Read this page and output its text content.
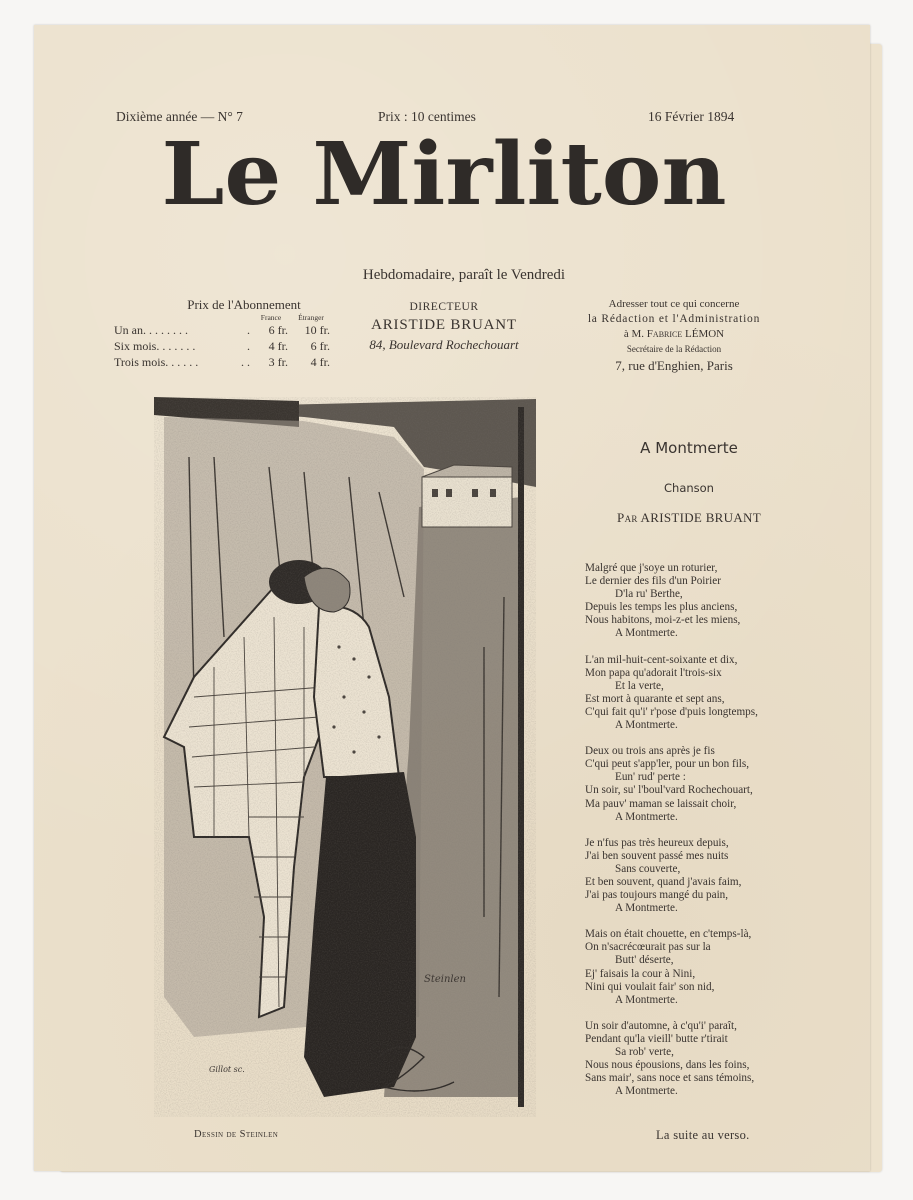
Dixième année — N° 7	Prix : 10 centimes	16 Février 1894
Le Mirliton
Hebdomadaire, paraît le Vendredi
Prix de l'Abonnement
		France	Étranger
Un an. . . . . . . .	.	6 fr.	10 fr.
Six mois. . . . . . .	.	4 fr.	6 fr.
Trois mois. . . . . .	. .	3 fr.	4 fr.
DIRECTEUR
ARISTIDE BRUANT
84, Boulevard Rochechouart
Adresser tout ce qui concerne
la Rédaction et l'Administration
à M. Fabrice LÉMON
Secrétaire de la Rédaction
7, rue d'Enghien, Paris
A Montmerte
Chanson
Par ARISTIDE BRUANT
Malgré que j'soye un roturier,
Le dernier des fils d'un Poirier
D'la ru' Berthe,
Depuis les temps les plus anciens,
Nous habitons, moi-z-et les miens,
A Montmerte.
L'an mil-huit-cent-soixante et dix,
Mon papa qu'adorait l'trois-six
Et la verte,
Est mort à quarante et sept ans,
C'qui fait qu'i' r'pose d'puis longtemps,
A Montmerte.
Deux ou trois ans après je fis
C'qui peut s'app'ler, pour un bon fils,
Eun' rud' perte :
Un soir, su' l'boul'vard Rochechouart,
Ma pauv' maman se laissait choir,
A Montmerte.
Je n'fus pas très heureux depuis,
J'ai ben souvent passé mes nuits
Sans couverte,
Et ben souvent, quand j'avais faim,
J'ai pas toujours mangé du pain,
A Montmerte.
Mais on était chouette, en c'temps-là,
On n'sacrécœurait pas sur la
Butt' déserte,
Ej' faisais la cour à Nini,
Nini qui voulait fair' son nid,
A Montmerte.
Un soir d'automne, à c'qu'i' paraît,
Pendant qu'la vieill' butte r'tirait
Sa rob' verte,
Nous nous épousions, dans les foins,
Sans mair', sans noce et sans témoins,
A Montmerte.
Dessin de Steinlen	La suite au verso.
